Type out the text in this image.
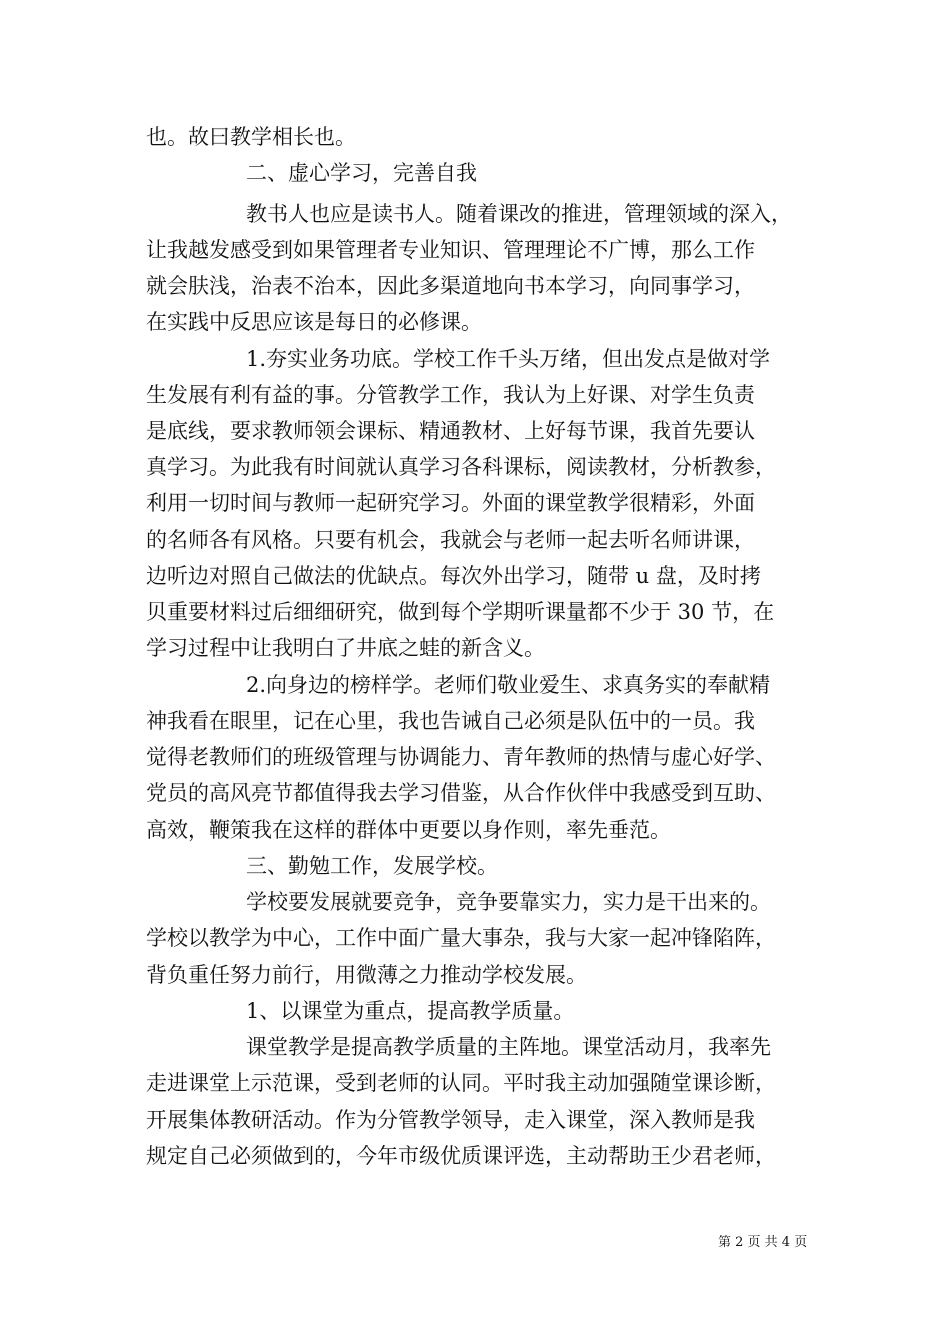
也。故曰教学相长也。
二、虚心学习，完善自我
教书人也应是读书人。随着课改的推进，管理领域的深入，
让我越发感受到如果管理者专业知识、管理理论不广博，那么工作
就会肤浅，治表不治本，因此多渠道地向书本学习，向同事学习，
在实践中反思应该是每日的必修课。
1.夯实业务功底。学校工作千头万绪，但出发点是做对学
生发展有利有益的事。分管教学工作，我认为上好课、对学生负责
是底线，要求教师领会课标、精通教材、上好每节课，我首先要认
真学习。为此我有时间就认真学习各科课标，阅读教材，分析教参，
利用一切时间与教师一起研究学习。外面的课堂教学很精彩，外面
的名师各有风格。只要有机会，我就会与老师一起去听名师讲课，
边听边对照自己做法的优缺点。每次外出学习，随带 u 盘，及时拷
贝重要材料过后细细研究，做到每个学期听课量都不少于 30 节，在
学习过程中让我明白了井底之蛙的新含义。
2.向身边的榜样学。老师们敬业爱生、求真务实的奉献精
神我看在眼里，记在心里，我也告诫自己必须是队伍中的一员。我
觉得老教师们的班级管理与协调能力、青年教师的热情与虚心好学、
党员的高风亮节都值得我去学习借鉴，从合作伙伴中我感受到互助、
高效，鞭策我在这样的群体中更要以身作则，率先垂范。
三、勤勉工作，发展学校。
学校要发展就要竞争，竞争要靠实力，实力是干出来的。
学校以教学为中心，工作中面广量大事杂，我与大家一起冲锋陷阵，
背负重任努力前行，用微薄之力推动学校发展。
1、以课堂为重点，提高教学质量。
课堂教学是提高教学质量的主阵地。课堂活动月，我率先
走进课堂上示范课，受到老师的认同。平时我主动加强随堂课诊断，
开展集体教研活动。作为分管教学领导，走入课堂，深入教师是我
规定自己必须做到的，今年市级优质课评选，主动帮助王少君老师，
第 2 页 共 4 页
